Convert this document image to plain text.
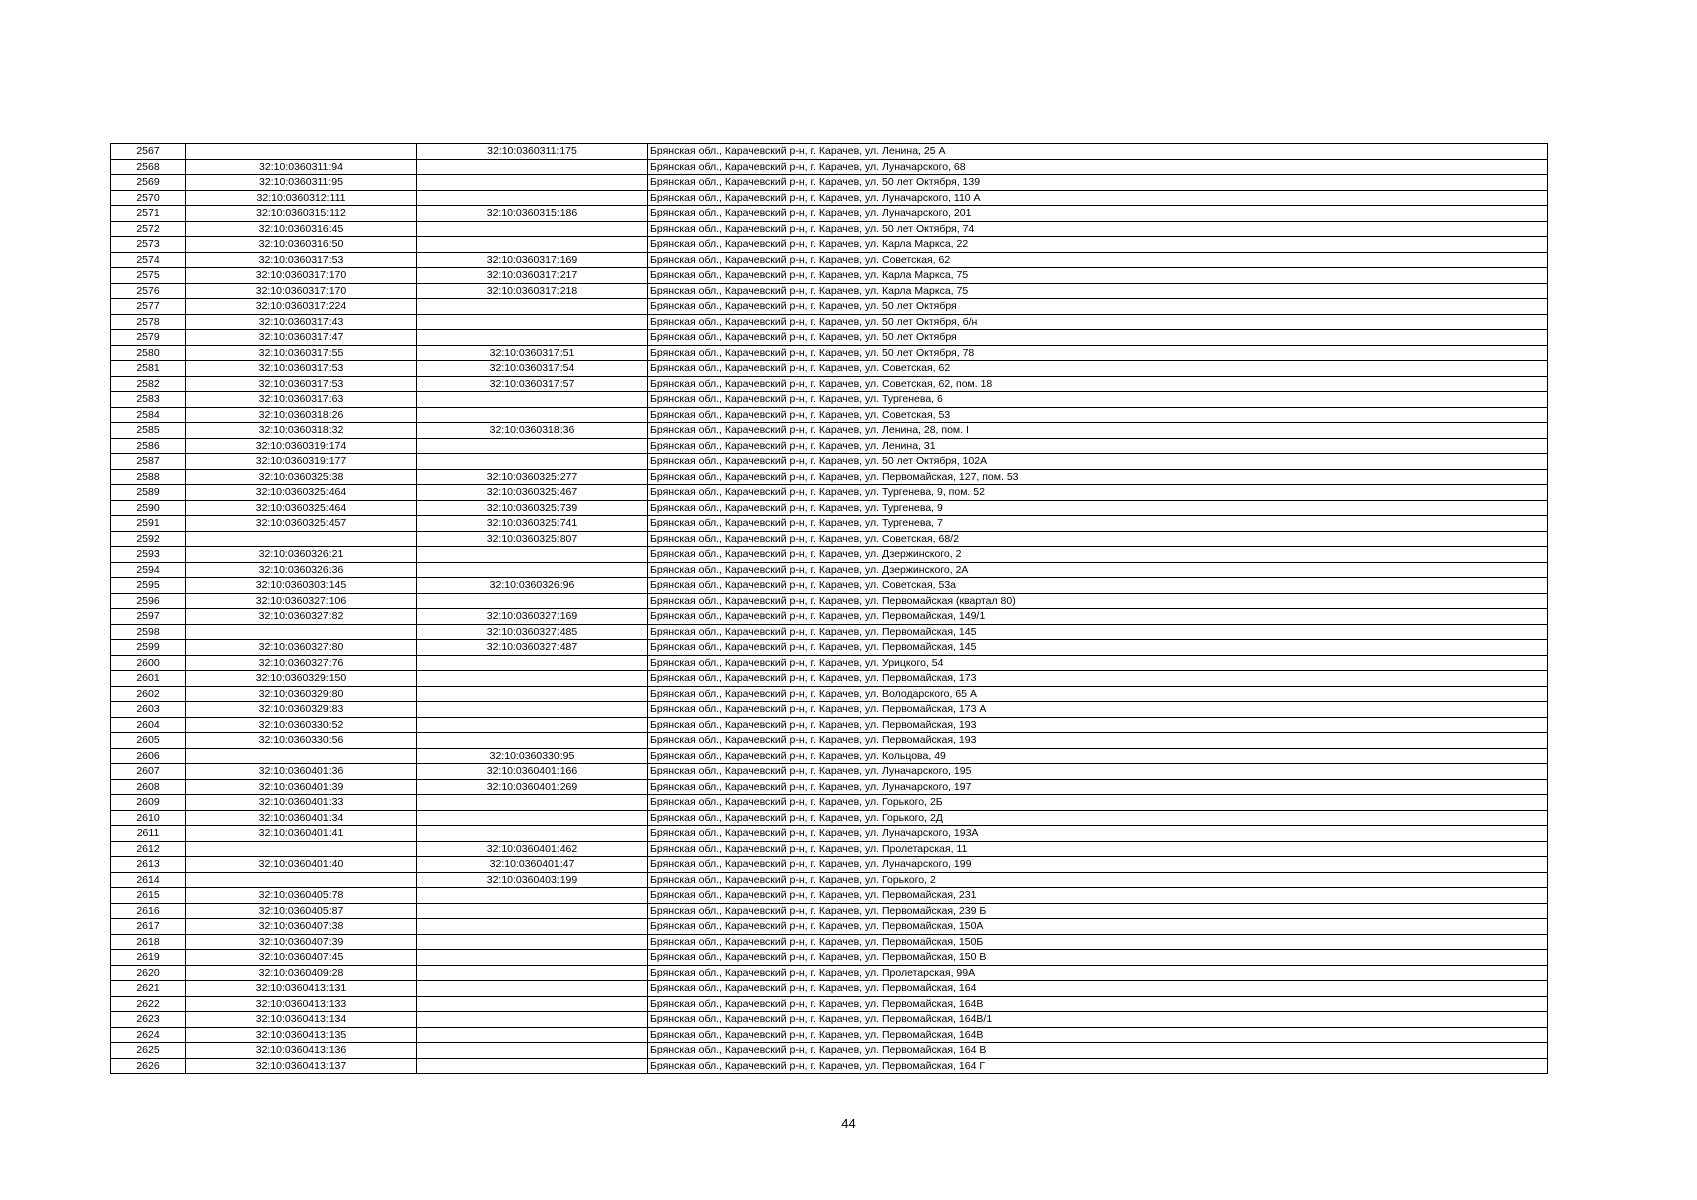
2567		32:10:0360311:175	Брянская обл., Карачевский р-н, г. Карачев, ул. Ленина, 25 А
2568	32:10:0360311:94		Брянская обл., Карачевский р-н, г. Карачев, ул. Луначарского, 68
2569	32:10:0360311:95		Брянская обл., Карачевский р-н, г. Карачев, ул. 50 лет Октября, 139
2570	32:10:0360312:111		Брянская обл., Карачевский р-н, г. Карачев, ул. Луначарского, 110 А
2571	32:10:0360315:112	32:10:0360315:186	Брянская обл., Карачевский р-н, г. Карачев, ул. Луначарского, 201
2572	32:10:0360316:45		Брянская обл., Карачевский р-н, г. Карачев, ул. 50 лет Октября, 74
2573	32:10:0360316:50		Брянская обл., Карачевский р-н, г. Карачев, ул. Карла Маркса, 22
2574	32:10:0360317:53	32:10:0360317:169	Брянская обл., Карачевский р-н, г. Карачев, ул. Советская, 62
2575	32:10:0360317:170	32:10:0360317:217	Брянская обл., Карачевский р-н, г. Карачев, ул. Карла Маркса, 75
2576	32:10:0360317:170	32:10:0360317:218	Брянская обл., Карачевский р-н, г. Карачев, ул. Карла Маркса, 75
2577	32:10:0360317:224		Брянская обл., Карачевский р-н, г. Карачев, ул. 50 лет Октября
2578	32:10:0360317:43		Брянская обл., Карачевский р-н, г. Карачев, ул. 50 лет Октября, б/н
2579	32:10:0360317:47		Брянская обл., Карачевский р-н, г. Карачев, ул. 50 лет Октября
2580	32:10:0360317:55	32:10:0360317:51	Брянская обл., Карачевский р-н, г. Карачев, ул. 50 лет Октября, 78
2581	32:10:0360317:53	32:10:0360317:54	Брянская обл., Карачевский р-н, г. Карачев, ул. Советская, 62
2582	32:10:0360317:53	32:10:0360317:57	Брянская обл., Карачевский р-н, г. Карачев, ул. Советская, 62, пом. 18
2583	32:10:0360317:63		Брянская обл., Карачевский р-н, г. Карачев, ул. Тургенева, 6
2584	32:10:0360318:26		Брянская обл., Карачевский р-н, г. Карачев, ул. Советская, 53
2585	32:10:0360318:32	32:10:0360318:36	Брянская обл., Карачевский р-н, г. Карачев, ул. Ленина, 28, пом. I
2586	32:10:0360319:174		Брянская обл., Карачевский р-н, г. Карачев, ул. Ленина, 31
2587	32:10:0360319:177		Брянская обл., Карачевский р-н, г. Карачев, ул. 50 лет Октября, 102А
2588	32:10:0360325:38	32:10:0360325:277	Брянская обл., Карачевский р-н, г. Карачев, ул. Первомайская, 127, пом. 53
2589	32:10:0360325:464	32:10:0360325:467	Брянская обл., Карачевский р-н, г. Карачев, ул. Тургенева, 9, пом. 52
2590	32:10:0360325:464	32:10:0360325:739	Брянская обл., Карачевский р-н, г. Карачев, ул. Тургенева, 9
2591	32:10:0360325:457	32:10:0360325:741	Брянская обл., Карачевский р-н, г. Карачев, ул. Тургенева, 7
2592		32:10:0360325:807	Брянская обл., Карачевский р-н, г. Карачев, ул. Советская, 68/2
2593	32:10:0360326:21		Брянская обл., Карачевский р-н, г. Карачев, ул. Дзержинского, 2
2594	32:10:0360326:36		Брянская обл., Карачевский р-н, г. Карачев, ул. Дзержинского, 2А
2595	32:10:0360303:145	32:10:0360326:96	Брянская обл., Карачевский р-н, г. Карачев, ул. Советская, 53а
2596	32:10:0360327:106		Брянская обл., Карачевский р-н, г. Карачев, ул. Первомайская (квартал 80)
2597	32:10:0360327:82	32:10:0360327:169	Брянская обл., Карачевский р-н, г. Карачев, ул. Первомайская, 149/1
2598		32:10:0360327:485	Брянская обл., Карачевский р-н, г. Карачев, ул. Первомайская, 145
2599	32:10:0360327:80	32:10:0360327:487	Брянская обл., Карачевский р-н, г. Карачев, ул. Первомайская, 145
2600	32:10:0360327:76		Брянская обл., Карачевский р-н, г. Карачев, ул. Урицкого, 54
2601	32:10:0360329:150		Брянская обл., Карачевский р-н, г. Карачев, ул. Первомайская, 173
2602	32:10:0360329:80		Брянская обл., Карачевский р-н, г. Карачев, ул. Володарского, 65 А
2603	32:10:0360329:83		Брянская обл., Карачевский р-н, г. Карачев, ул. Первомайская, 173 А
2604	32:10:0360330:52		Брянская обл., Карачевский р-н, г. Карачев, ул. Первомайская, 193
2605	32:10:0360330:56		Брянская обл., Карачевский р-н, г. Карачев, ул. Первомайская, 193
2606		32:10:0360330:95	Брянская обл., Карачевский р-н, г. Карачев, ул. Кольцова, 49
2607	32:10:0360401:36	32:10:0360401:166	Брянская обл., Карачевский р-н, г. Карачев, ул. Луначарского, 195
2608	32:10:0360401:39	32:10:0360401:269	Брянская обл., Карачевский р-н, г. Карачев, ул. Луначарского, 197
2609	32:10:0360401:33		Брянская обл., Карачевский р-н, г. Карачев, ул. Горького, 2Б
2610	32:10:0360401:34		Брянская обл., Карачевский р-н, г. Карачев, ул. Горького, 2Д
2611	32:10:0360401:41		Брянская обл., Карачевский р-н, г. Карачев, ул. Луначарского, 193А
2612		32:10:0360401:462	Брянская обл., Карачевский р-н, г. Карачев, ул. Пролетарская, 11
2613	32:10:0360401:40	32:10:0360401:47	Брянская обл., Карачевский р-н, г. Карачев, ул. Луначарского, 199
2614		32:10:0360403:199	Брянская обл., Карачевский р-н, г. Карачев, ул. Горького, 2
2615	32:10:0360405:78		Брянская обл., Карачевский р-н, г. Карачев, ул. Первомайская, 231
2616	32:10:0360405:87		Брянская обл., Карачевский р-н, г. Карачев, ул. Первомайская, 239 Б
2617	32:10:0360407:38		Брянская обл., Карачевский р-н, г. Карачев, ул. Первомайская, 150А
2618	32:10:0360407:39		Брянская обл., Карачевский р-н, г. Карачев, ул. Первомайская, 150Б
2619	32:10:0360407:45		Брянская обл., Карачевский р-н, г. Карачев, ул. Первомайская, 150 В
2620	32:10:0360409:28		Брянская обл., Карачевский р-н, г. Карачев, ул. Пролетарская, 99А
2621	32:10:0360413:131		Брянская обл., Карачевский р-н, г. Карачев, ул. Первомайская, 164
2622	32:10:0360413:133		Брянская обл., Карачевский р-н, г. Карачев, ул. Первомайская, 164В
2623	32:10:0360413:134		Брянская обл., Карачевский р-н, г. Карачев, ул. Первомайская, 164В/1
2624	32:10:0360413:135		Брянская обл., Карачевский р-н, г. Карачев, ул. Первомайская, 164В
2625	32:10:0360413:136		Брянская обл., Карачевский р-н, г. Карачев, ул. Первомайская, 164 В
2626	32:10:0360413:137		Брянская обл., Карачевский р-н, г. Карачев, ул. Первомайская, 164 Г
44
